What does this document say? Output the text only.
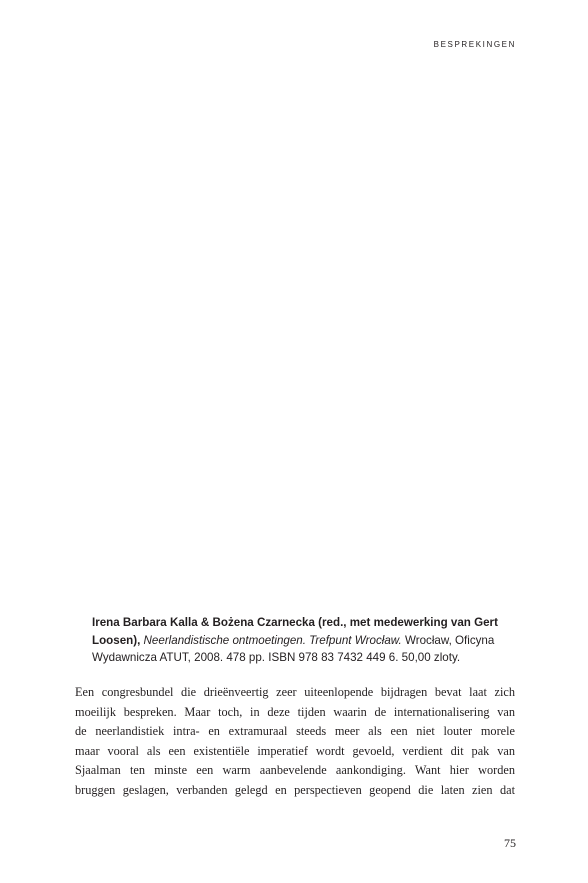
BESPREKINGEN

Irena Barbara Kalla & Bożena Czarnecka (red., met medewerking van Gert Loosen), Neerlandistische ontmoetingen. Trefpunt Wrocław. Wrocław, Oficyna Wydawnicza ATUT, 2008. 478 pp. ISBN 978 83 7432 449 6. 50,00 zloty.

Een congresbundel die drieënveertig zeer uiteenlopende bijdragen bevat laat zich
moeilijk bespreken. Maar toch, in deze tijden waarin de internationalisering van
de neerlandistiek intra- en extramuraal steeds meer als een niet louter morele
maar vooral als een existentiële imperatief wordt gevoeld, verdient dit pak van
Sjaalman ten minste een warm aanbevelende aankondiging. Want hier worden
bruggen geslagen, verbanden gelegd en perspectieven geopend die laten zien dat

75
